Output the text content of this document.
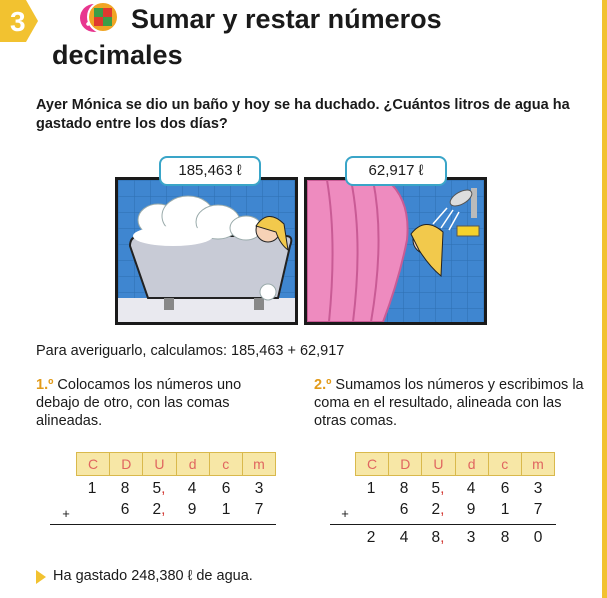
3	Sumar y restar números
decimales
Ayer Mónica se dio un baño y hoy se ha duchado. ¿Cuántos litros de agua ha gastado entre los dos días?
185,463 ℓ	62,917 ℓ
Para averiguarlo, calculamos: 185,463 + 62,917
1.º Colocamos los números uno debajo de otro, con las comas alineadas.
2.º Sumamos los números y escribimos la coma en el resultado, alineada con las otras comas.
C	D	U	d	c	m
1	8	5,	4	6	3
+	6	2,	9	1	7
C	D	U	d	c	m
1	8	5,	4	6	3
+	6	2,	9	1	7
2	4	8,	3	8	0
Ha gastado 248,380 ℓ de agua.
